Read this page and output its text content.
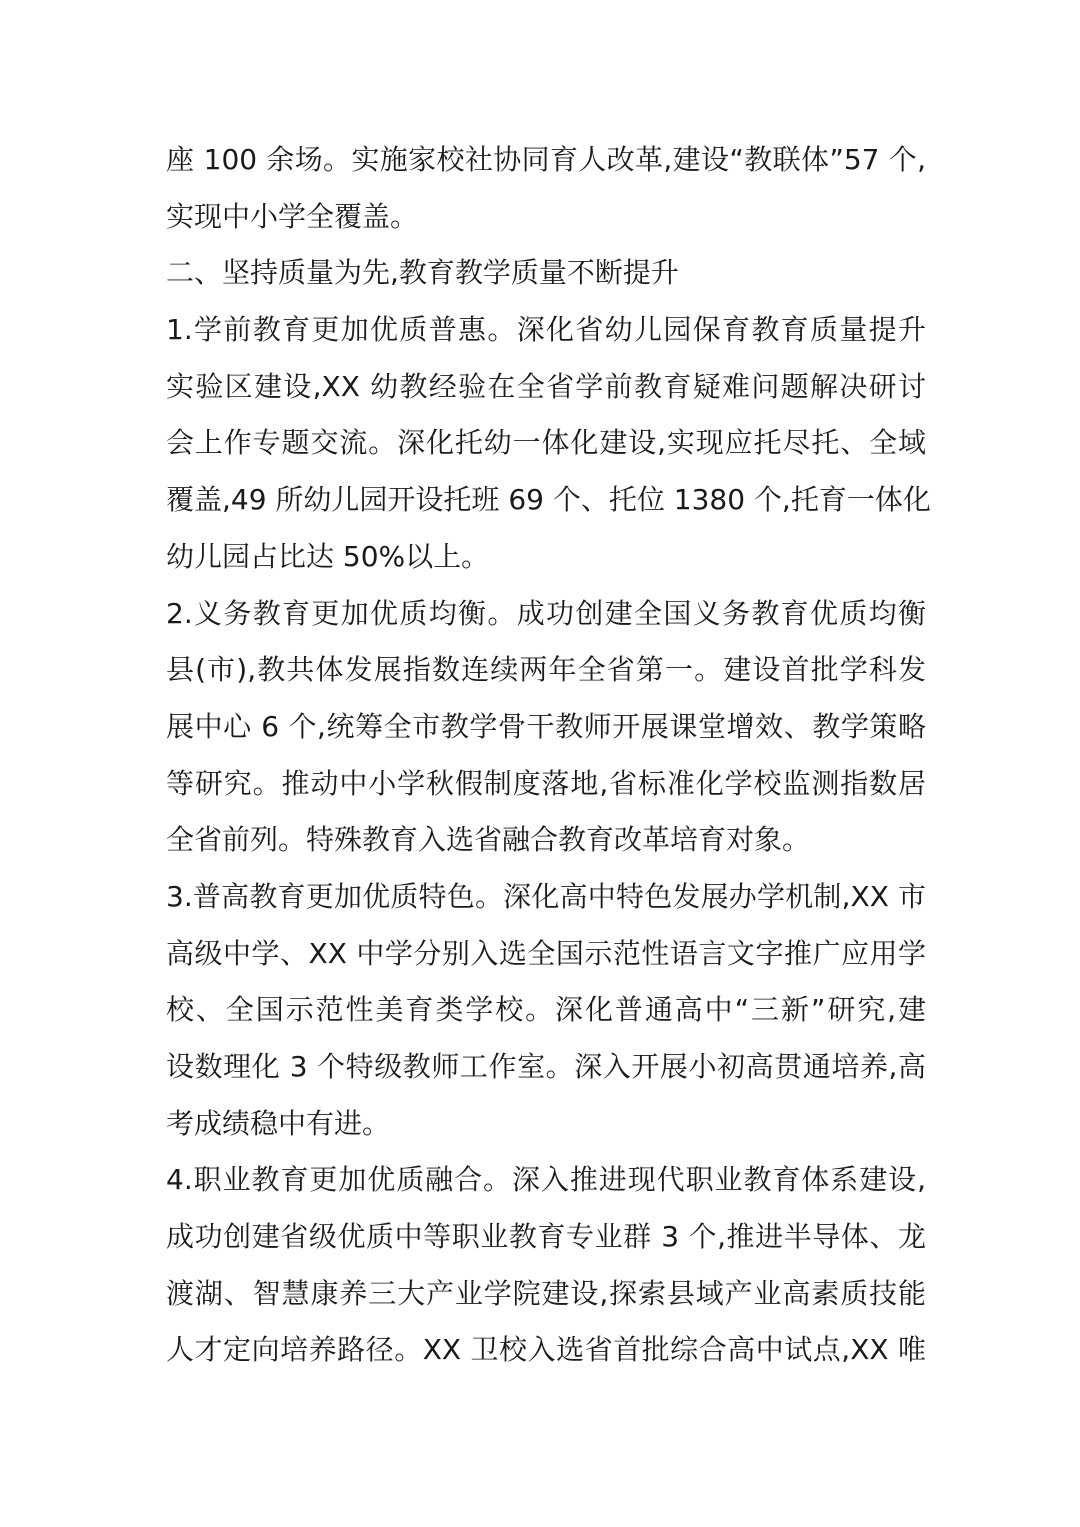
座 100 余场。实施家校社协同育人改革,建设“教联体”57 个,
实现中小学全覆盖。
二、坚持质量为先,教育教学质量不断提升
1.学前教育更加优质普惠。深化省幼儿园保育教育质量提升
实验区建设,XX 幼教经验在全省学前教育疑难问题解决研讨
会上作专题交流。深化托幼一体化建设,实现应托尽托、全域
覆盖,49 所幼儿园开设托班 69 个、托位 1380 个,托育一体化
幼儿园占比达 50%以上。
2.义务教育更加优质均衡。成功创建全国义务教育优质均衡
县(市),教共体发展指数连续两年全省第一。建设首批学科发
展中心 6 个,统筹全市教学骨干教师开展课堂增效、教学策略
等研究。推动中小学秋假制度落地,省标准化学校监测指数居
全省前列。特殊教育入选省融合教育改革培育对象。
3.普高教育更加优质特色。深化高中特色发展办学机制,XX 市
高级中学、XX 中学分别入选全国示范性语言文字推广应用学
校、全国示范性美育类学校。深化普通高中“三新”研究,建
设数理化 3 个特级教师工作室。深入开展小初高贯通培养,高
考成绩稳中有进。
4.职业教育更加优质融合。深入推进现代职业教育体系建设,
成功创建省级优质中等职业教育专业群 3 个,推进半导体、龙
渡湖、智慧康养三大产业学院建设,探索县域产业高素质技能
人才定向培养路径。XX 卫校入选省首批综合高中试点,XX 唯
